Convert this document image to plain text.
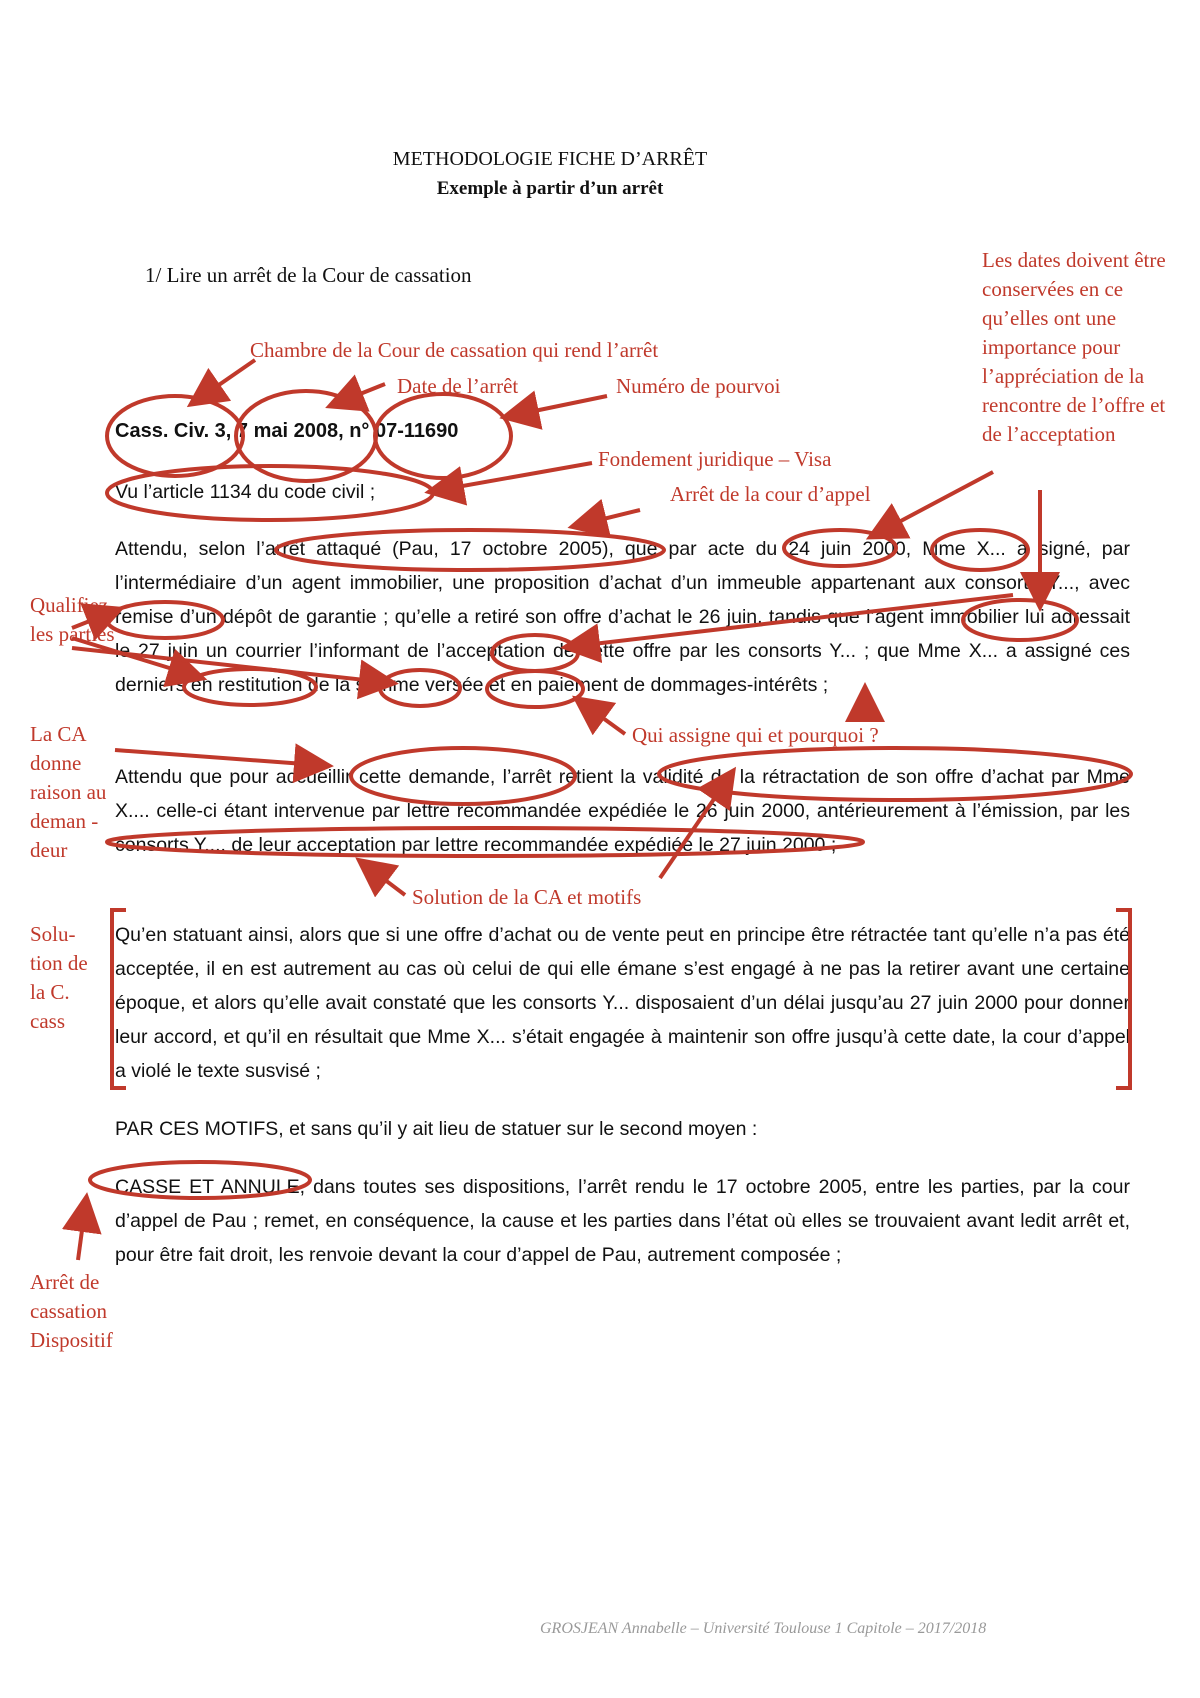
METHODOLOGIE FICHE D’ARRÊT
Exemple à partir d’un arrêt
1/ Lire un arrêt de la Cour de cassation
Chambre de la Cour de cassation qui rend l’arrêt
Date de l’arrêt	Numéro de pourvoi
Fondement juridique – Visa
Arrêt de la cour d’appel
Les dates doivent être conservées en ce qu’elles ont une importance pour l’appréciation de la rencontre de l’offre et de l’acceptation
Qualifiez les parties
La CA donne raison au deman -deur
Qui assigne qui et pourquoi ?
Solution de la CA et motifs
Solu- tion de la C. cass
Arrêt de cassation Dispositif
Cass. Civ. 3, 7 mai 2008, n° 07-11690

Vu l’article 1134 du code civil ;

Attendu, selon l’arrêt attaqué (Pau, 17 octobre 2005), que par acte du 24 juin 2000, Mme X... a signé, par l’intermédiaire d’un agent immobilier, une proposition d’achat d’un immeuble appartenant aux consorts Y..., avec remise d’un dépôt de garantie ; qu’elle a retiré son offre d’achat le 26 juin, tandis que l’agent immobilier lui adressait le 27 juin un courrier l’informant de l’acceptation de cette offre par les consorts Y... ; que Mme X... a assigné ces derniers en restitution de la somme versée et en paiement de dommages-intérêts ;

Attendu que pour accueillir cette demande, l’arrêt retient la validité de la rétractation de son offre d’achat par Mme X.... celle-ci étant intervenue par lettre recommandée expédiée le 26 juin 2000, antérieurement à l’émission, par les consorts Y.... de leur acceptation par lettre recommandée expédiée le 27 juin 2000 ;

Qu’en statuant ainsi, alors que si une offre d’achat ou de vente peut en principe être rétractée tant qu’elle n’a pas été acceptée, il en est autrement au cas où celui de qui elle émane s’est engagé à ne pas la retirer avant une certaine époque, et alors qu’elle avait constaté que les consorts Y... disposaient d’un délai jusqu’au 27 juin 2000 pour donner leur accord, et qu’il en résultait que Mme X... s’était engagée à maintenir son offre jusqu’à cette date, la cour d’appel a violé le texte susvisé ;

PAR CES MOTIFS, et sans qu’il y ait lieu de statuer sur le second moyen :

CASSE ET ANNULE, dans toutes ses dispositions, l’arrêt rendu le 17 octobre 2005, entre les parties, par la cour d’appel de Pau ; remet, en conséquence, la cause et les parties dans l’état où elles se trouvaient avant ledit arrêt et, pour être fait droit, les renvoie devant la cour d’appel de Pau, autrement composée ;

GROSJEAN Annabelle – Université Toulouse 1 Capitole – 2017/2018
